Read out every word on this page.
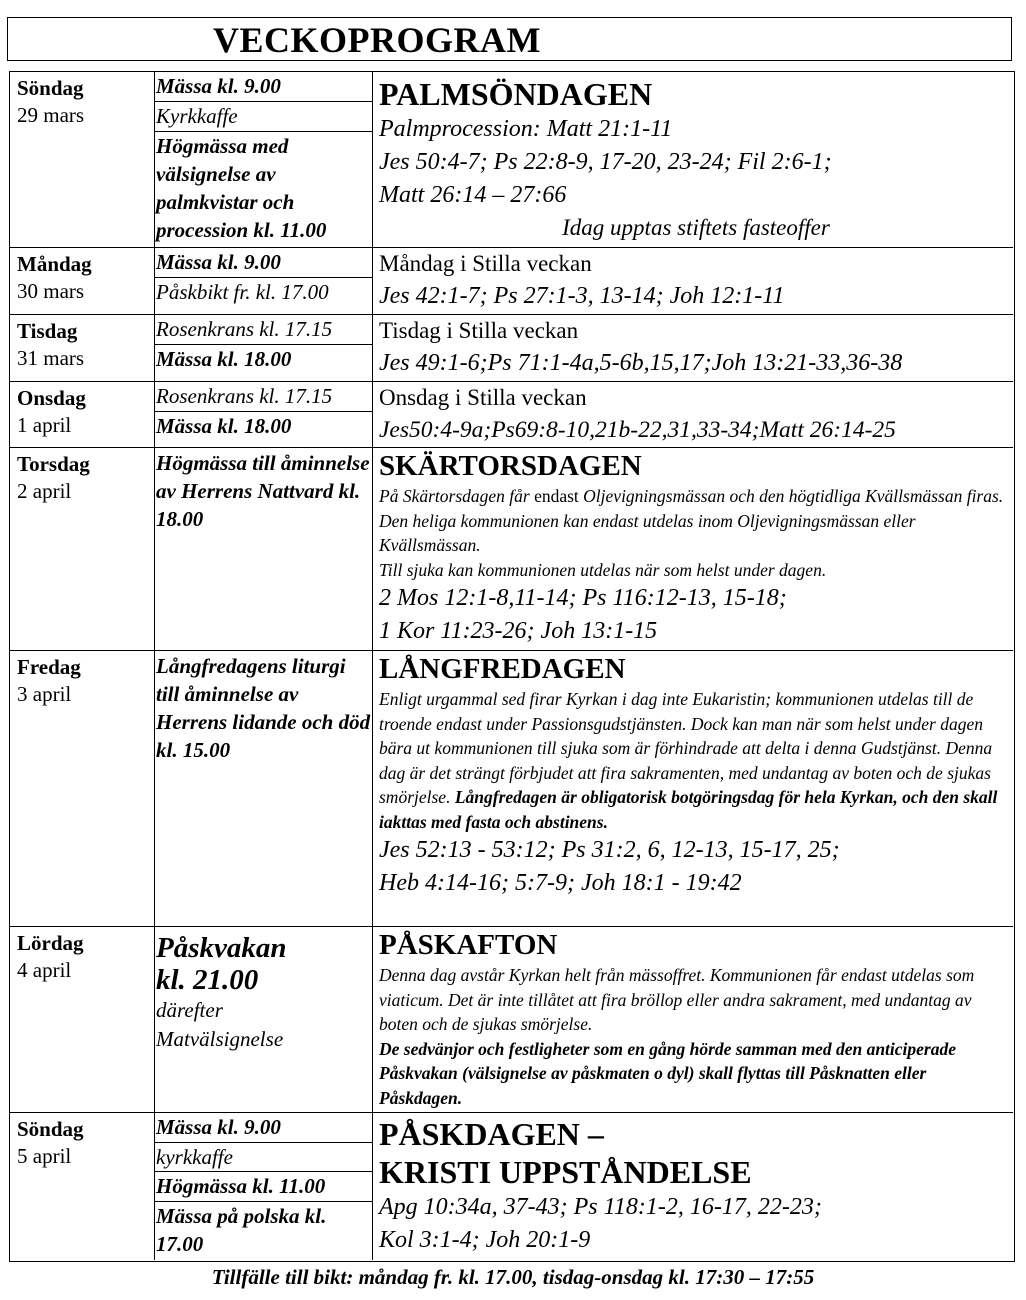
VECKOPROGRAM
Söndag
29 mars
Mässa kl. 9.00
Kyrkkaffe
Högmässa med välsignelse av palmkvistar och procession kl. 11.00
PALMSÖNDAGEN
Palmprocession: Matt 21:1-11
Jes 50:4-7; Ps 22:8-9, 17-20, 23-24; Fil 2:6-1;
Matt 26:14 – 27:66
Idag upptas stiftets fasteoffer
Måndag
30 mars
Mässa kl. 9.00
Påskbikt fr. kl. 17.00
Måndag i Stilla veckan
Jes 42:1-7; Ps 27:1-3, 13-14; Joh 12:1-11
Tisdag
31 mars
Rosenkrans kl. 17.15
Mässa kl. 18.00
Tisdag i Stilla veckan
Jes 49:1-6;Ps 71:1-4a,5-6b,15,17;Joh 13:21-33,36-38
Onsdag
1 april
Rosenkrans kl. 17.15
Mässa kl. 18.00
Onsdag i Stilla veckan
Jes50:4-9a;Ps69:8-10,21b-22,31,33-34;Matt 26:14-25
Torsdag
2 april
Högmässa till åminnelse av Herrens Nattvard kl. 18.00
SKÄRTORSDAGEN
På Skärtorsdagen får endast Oljevigningsmässan och den högtidliga Kvällsmässan firas. Den heliga kommunionen kan endast utdelas inom Oljevigningsmässan eller Kvällsmässan.
Till sjuka kan kommunionen utdelas när som helst under dagen.
2 Mos 12:1-8,11-14; Ps 116:12-13, 15-18;
1 Kor 11:23-26; Joh 13:1-15
Fredag
3 april
Långfredagens liturgi till åminnelse av Herrens lidande och död kl. 15.00
LÅNGFREDAGEN
Enligt urgammal sed firar Kyrkan i dag inte Eukaristin; kommunionen utdelas till de troende endast under Passionsgudstjänsten. Dock kan man när som helst under dagen bära ut kommunionen till sjuka som är förhindrade att delta i denna Gudstjänst. Denna dag är det strängt förbjudet att fira sakramenten, med undantag av boten och de sjukas smörjelse. Långfredagen är obligatorisk botgöringsdag för hela Kyrkan, och den skall iakttas med fasta och abstinens.
Jes 52:13 - 53:12; Ps 31:2, 6, 12-13, 15-17, 25;
Heb 4:14-16; 5:7-9; Joh 18:1 - 19:42
Lördag
4 april
Påskvakan
kl. 21.00
därefter
Matvälsignelse
PÅSKAFTON
Denna dag avstår Kyrkan helt från mässoffret. Kommunionen får endast utdelas som viaticum. Det är inte tillåtet att fira bröllop eller andra sakrament, med undantag av boten och de sjukas smörjelse.
De sedvänjor och festligheter som en gång hörde samman med den anticiperade Påskvakan (välsignelse av påskmaten o dyl) skall flyttas till Påsknatten eller Påskdagen.
Söndag
5 april
Mässa kl. 9.00
kyrkkaffe
Högmässa kl. 11.00
Mässa på polska kl. 17.00
PÅSKDAGEN –
KRISTI UPPSTÅNDELSE
Apg 10:34a, 37-43; Ps 118:1-2, 16-17, 22-23;
Kol 3:1-4; Joh 20:1-9
Tillfälle till bikt: måndag fr. kl. 17.00, tisdag-onsdag kl. 17:30 – 17:55
